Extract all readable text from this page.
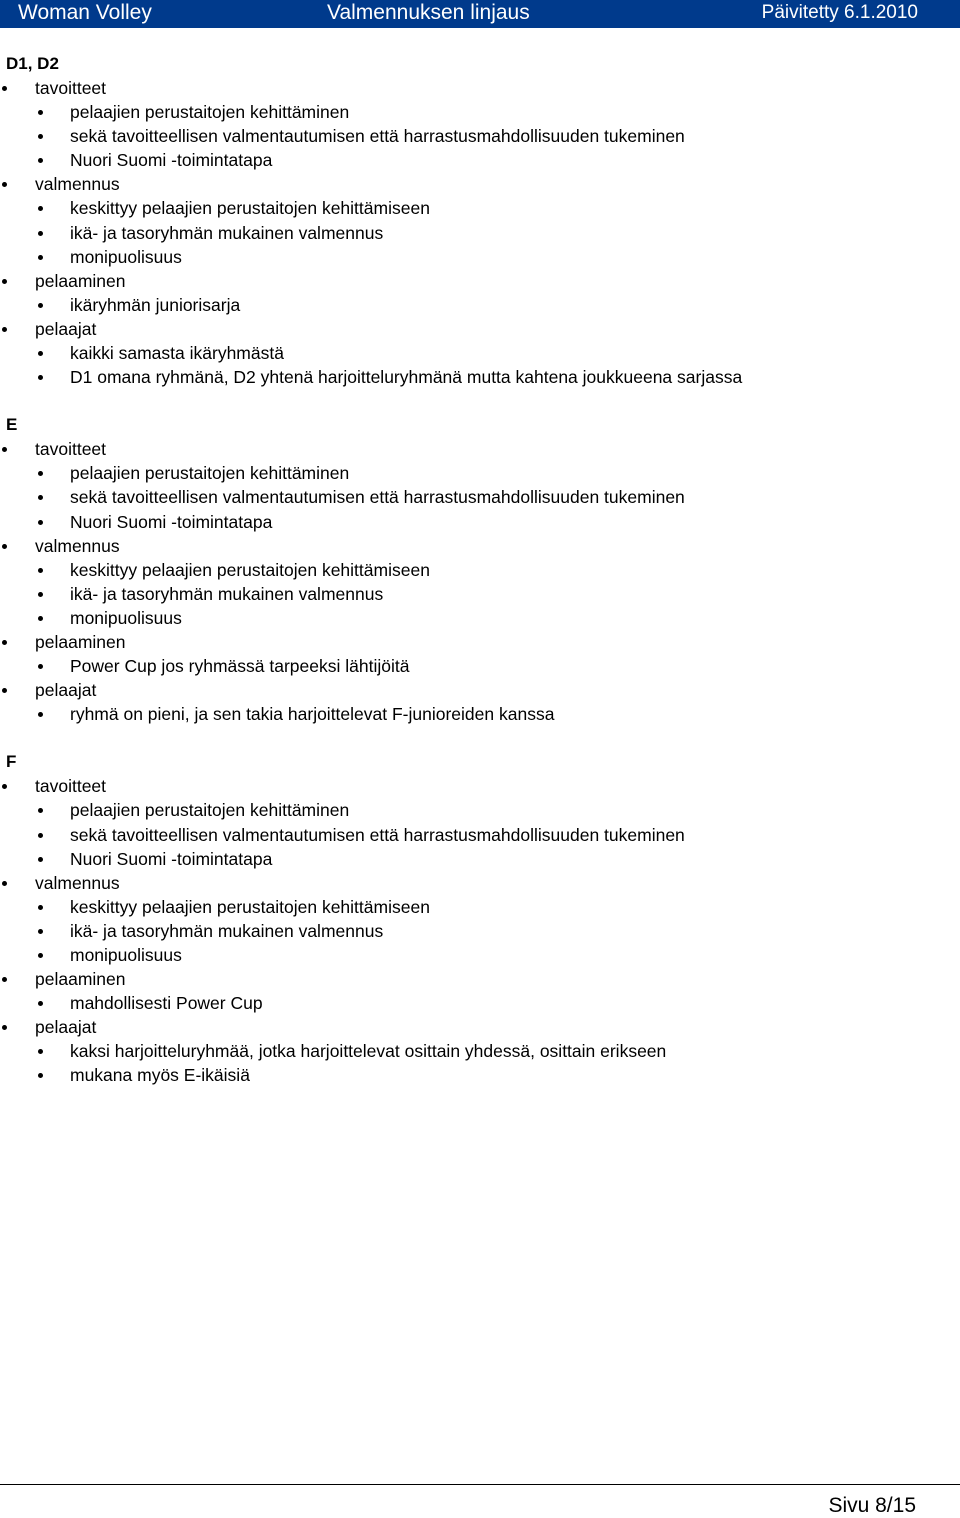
Woman Volley	Valmennuksen linjaus	Päivitetty 6.1.2010
D1, D2
tavoitteet
pelaajien perustaitojen kehittäminen
sekä tavoitteellisen valmentautumisen että harrastusmahdollisuuden tukeminen
Nuori Suomi -toimintatapa
valmennus
keskittyy pelaajien perustaitojen kehittämiseen
ikä- ja tasoryhmän mukainen valmennus
monipuolisuus
pelaaminen
ikäryhmän juniorisarja
pelaajat
kaikki samasta ikäryhmästä
D1 omana ryhmänä, D2 yhtenä harjoitteluryhmänä mutta kahtena joukkueena sarjassa
E
tavoitteet
pelaajien perustaitojen kehittäminen
sekä tavoitteellisen valmentautumisen että harrastusmahdollisuuden tukeminen
Nuori Suomi -toimintatapa
valmennus
keskittyy pelaajien perustaitojen kehittämiseen
ikä- ja tasoryhmän mukainen valmennus
monipuolisuus
pelaaminen
Power Cup jos ryhmässä tarpeeksi lähtijöitä
pelaajat
ryhmä on pieni, ja sen takia harjoittelevat F-junioreiden kanssa
F
tavoitteet
pelaajien perustaitojen kehittäminen
sekä tavoitteellisen valmentautumisen että harrastusmahdollisuuden tukeminen
Nuori Suomi -toimintatapa
valmennus
keskittyy pelaajien perustaitojen kehittämiseen
ikä- ja tasoryhmän mukainen valmennus
monipuolisuus
pelaaminen
mahdollisesti Power Cup
pelaajat
kaksi harjoitteluryhmää, jotka harjoittelevat osittain yhdessä, osittain erikseen
mukana myös E-ikäisiä
Sivu 8/15
